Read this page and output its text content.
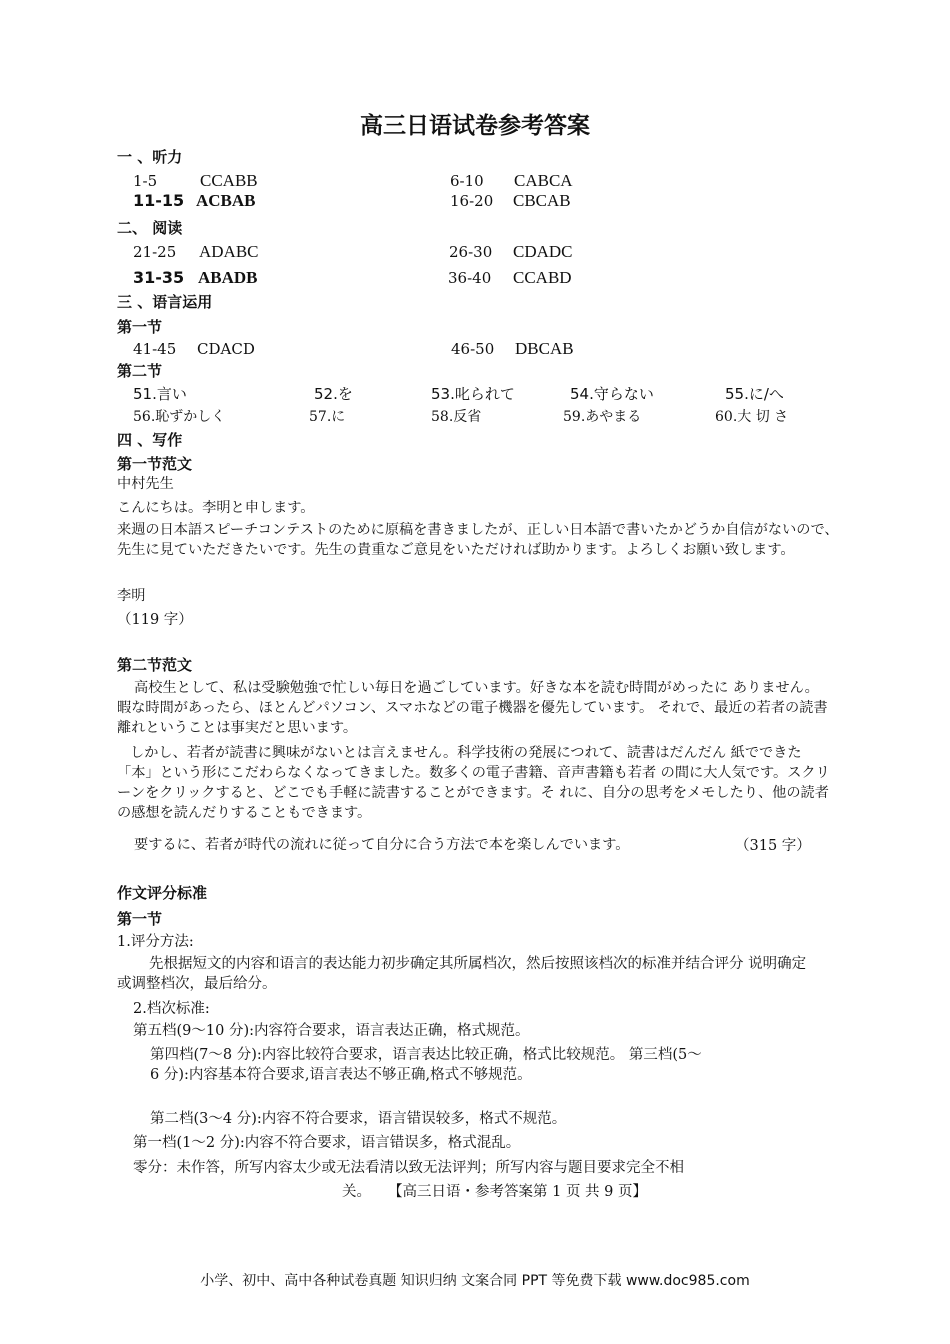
高三日语试卷参考答案
一 、听力
1-5	CCABB	6-10 CABCA
11-15 ACBAB	16-20 CBCAB
二、 阅读
21-25 ADABC	26-30 CDADC
31-35 ABADB	36-40 CCABD
三 、语言运用
第一节
41-45 CDACD	46-50 DBCAB
第二节
51.言い	52.を	53.叱られて	54.守らない	55.に/へ
56.恥ずかしく	57.に	58.反省	59.あやまる	60.大 切 さ
四 、写作
第一节范文
中村先生
こんにちは。李明と申します。
来週の日本語スピーチコンテストのために原稿を書きましたが、正しい日本語で書いたかどうか自信がないので、先生に見ていただきたいです。先生の貴重なご意見をいただければ助かります。よろしくお願い致します。
李明
（119 字）
第二节范文
高校生として、私は受験勉強で忙しい毎日を過ごしています。好きな本を読む時間がめったに ありません。暇な時間があったら、ほとんどパソコン、スマホなどの電子機器を優先しています。 それで、最近の若者の読書離れということは事実だと思います。
しかし、若者が読書に興味がないとは言えません。科学技術の発展につれて、読書はだんだん 紙でできた「本」という形にこだわらなくなってきました。数多くの電子書籍、音声書籍も若者 の間に大人気です。スクリーンをクリックすると、どこでも手軽に読書することができます。そ れに、自分の思考をメモしたり、他の読者の感想を読んだりすることもできます。
要するに、若者が時代の流れに従って自分に合う方法で本を楽しんでいます。	（315 字）
作文评分标准
第一节
1.评分方法:
先根据短文的内容和语言的表达能力初步确定其所属档次，然后按照该档次的标准并结合评分 说明确定或调整档次，最后给分。
2.档次标准:
第五档(9～10 分):内容符合要求，语言表达正确，格式规范。
第四档(7～8 分):内容比较符合要求，语言表达比较正确，格式比较规范。 第三档(5～6 分):内容基本符合要求,语言表达不够正确,格式不够规范。
第二档(3～4 分):内容不符合要求，语言错误较多，格式不规范。
第一档(1～2 分):内容不符合要求，语言错误多，格式混乱。
零分：未作答，所写内容太少或无法看清以致无法评判；所写内容与题目要求完全不相
关。 【高三日语・参考答案第 1 页 共 9 页】
小学、初中、高中各种试卷真题 知识归纳 文案合同 PPT 等免费下载 www.doc985.com
